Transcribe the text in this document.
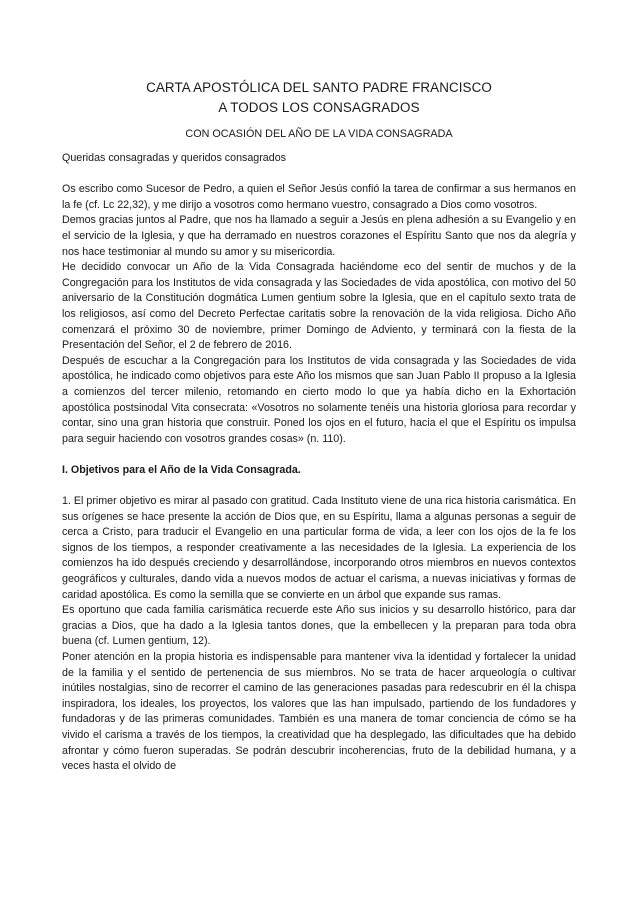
CARTA APOSTÓLICA DEL SANTO PADRE FRANCISCO
A TODOS LOS CONSAGRADOS
CON OCASIÓN DEL AÑO DE LA VIDA CONSAGRADA

Queridas consagradas y queridos consagrados

Os escribo como Sucesor de Pedro, a quien el Señor Jesús confió la tarea de confirmar a sus hermanos en la fe (cf. Lc 22,32), y me dirijo a vosotros como hermano vuestro, consagrado a Dios como vosotros.

Demos gracias juntos al Padre, que nos ha llamado a seguir a Jesús en plena adhesión a su Evangelio y en el servicio de la Iglesia, y que ha derramado en nuestros corazones el Espíritu Santo que nos da alegría y nos hace testimoniar al mundo su amor y su misericordia.

He decidido convocar un Año de la Vida Consagrada haciéndome eco del sentir de muchos y de la Congregación para los Institutos de vida consagrada y las Sociedades de vida apostólica, con motivo del 50 aniversario de la Constitución dogmática Lumen gentium sobre la Iglesia, que en el capítulo sexto trata de los religiosos, así como del Decreto Perfectae caritatis sobre la renovación de la vida religiosa. Dicho Año comenzará el próximo 30 de noviembre, primer Domingo de Adviento, y terminará con la fiesta de la Presentación del Señor, el 2 de febrero de 2016.

Después de escuchar a la Congregación para los Institutos de vida consagrada y las Sociedades de vida apostólica, he indicado como objetivos para este Año los mismos que san Juan Pablo II propuso a la Iglesia a comienzos del tercer milenio, retomando en cierto modo lo que ya había dicho en la Exhortación apostólica postsinodal Vita consecrata: «Vosotros no solamente tenéis una historia gloriosa para recordar y contar, sino una gran historia que construir. Poned los ojos en el futuro, hacia el que el Espíritu os impulsa para seguir haciendo con vosotros grandes cosas» (n. 110).

I. Objetivos para el Año de la Vida Consagrada.

1. El primer objetivo es mirar al pasado con gratitud. Cada Instituto viene de una rica historia carismática. En sus orígenes se hace presente la acción de Dios que, en su Espíritu, llama a algunas personas a seguir de cerca a Cristo, para traducir el Evangelio en una particular forma de vida, a leer con los ojos de la fe los signos de los tiempos, a responder creativamente a las necesidades de la Iglesia. La experiencia de los comienzos ha ido después creciendo y desarrollándose, incorporando otros miembros en nuevos contextos geográficos y culturales, dando vida a nuevos modos de actuar el carisma, a nuevas iniciativas y formas de caridad apostólica. Es como la semilla que se convierte en un árbol que expande sus ramas.

Es oportuno que cada familia carismática recuerde este Año sus inicios y su desarrollo histórico, para dar gracias a Dios, que ha dado a la Iglesia tantos dones, que la embellecen y la preparan para toda obra buena (cf. Lumen gentium, 12).

Poner atención en la propia historia es indispensable para mantener viva la identidad y fortalecer la unidad de la familia y el sentido de pertenencia de sus miembros. No se trata de hacer arqueología o cultivar inútiles nostalgias, sino de recorrer el camino de las generaciones pasadas para redescubrir en él la chispa inspiradora, los ideales, los proyectos, los valores que las han impulsado, partiendo de los fundadores y fundadoras y de las primeras comunidades. También es una manera de tomar conciencia de cómo se ha vivido el carisma a través de los tiempos, la creatividad que ha desplegado, las dificultades que ha debido afrontar y cómo fueron superadas. Se podrán descubrir incoherencias, fruto de la debilidad humana, y a veces hasta el olvido de
